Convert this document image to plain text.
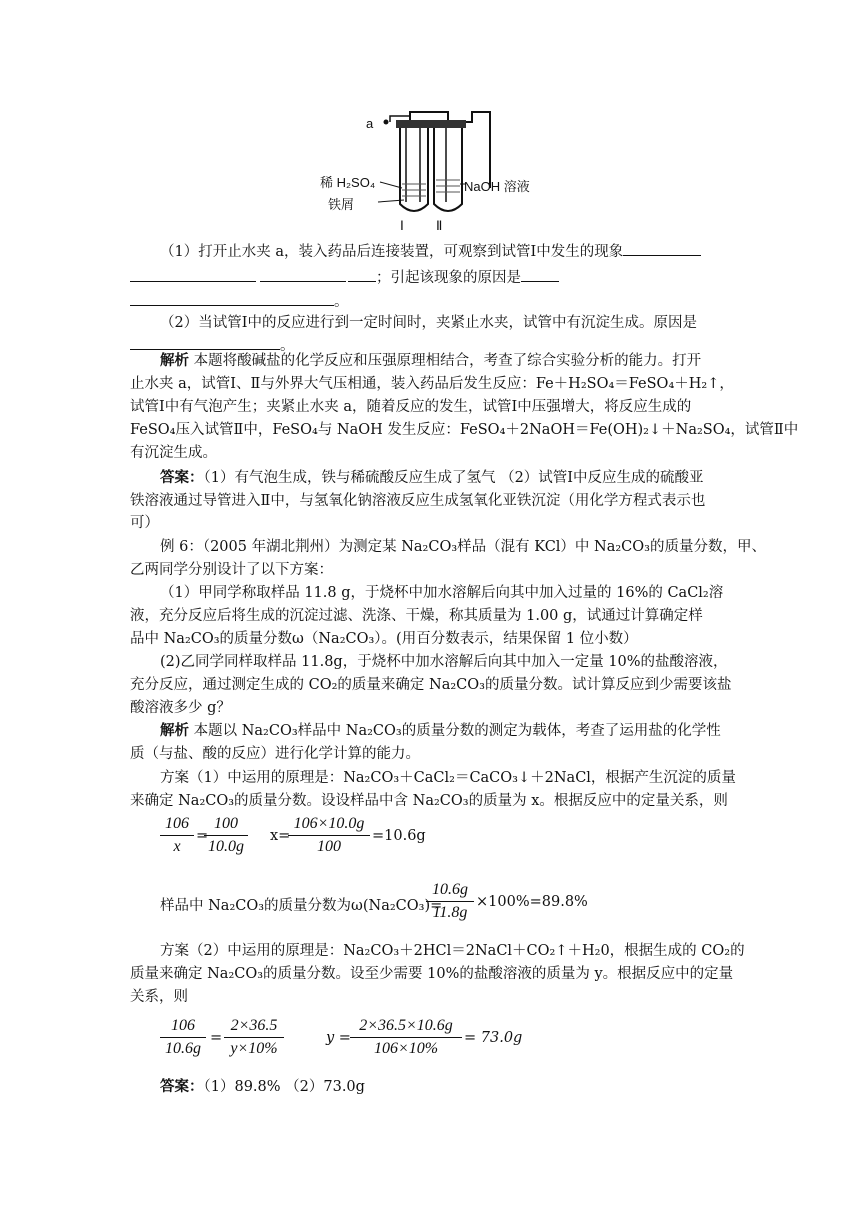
a
稀 H₂SO₄	NaOH 溶液
铁屑
Ⅰ Ⅱ
（1）打开止水夹 a，装入药品后连接装置，可观察到试管Ⅰ中发生的现象
；引起该现象的原因是
。
（2）当试管Ⅰ中的反应进行到一定时间时，夹紧止水夹，试管中有沉淀生成。原因是
。
解析 本题将酸碱盐的化学反应和压强原理相结合，考查了综合实验分析的能力。打开
止水夹 a，试管Ⅰ、Ⅱ与外界大气压相通，装入药品后发生反应：Fe＋H₂SO₄＝FeSO₄＋H₂↑，
试管Ⅰ中有气泡产生；夹紧止水夹 a，随着反应的发生，试管Ⅰ中压强增大，将反应生成的
FeSO₄压入试管Ⅱ中，FeSO₄与 NaOH 发生反应：FeSO₄＋2NaOH＝Fe(OH)₂↓＋Na₂SO₄，试管Ⅱ中
有沉淀生成。
答案：（1）有气泡生成，铁与稀硫酸反应生成了氢气 （2）试管Ⅰ中反应生成的硫酸亚
铁溶液通过导管进入Ⅱ中，与氢氧化钠溶液反应生成氢氧化亚铁沉淀（用化学方程式表示也
可）
例 6：（2005 年湖北荆州）为测定某 Na₂CO₃样品（混有 KCl）中 Na₂CO₃的质量分数，甲、
乙两同学分别设计了以下方案：
（1）甲同学称取样品 11.8 g，于烧杯中加水溶解后向其中加入过量的 16%的 CaCl₂溶
液，充分反应后将生成的沉淀过滤、洗涤、干燥，称其质量为 1.00 g，试通过计算确定样
品中 Na₂CO₃的质量分数ω（Na₂CO₃）。(用百分数表示，结果保留 1 位小数）
(2)乙同学同样取样品 11.8g，于烧杯中加水溶解后向其中加入一定量 10%的盐酸溶液，
充分反应，通过测定生成的 CO₂的质量来确定 Na₂CO₃的质量分数。试计算反应到少需要该盐
酸溶液多少 g？
解析 本题以 Na₂CO₃样品中 Na₂CO₃的质量分数的测定为载体，考查了运用盐的化学性
质（与盐、酸的反应）进行化学计算的能力。
方案（1）中运用的原理是：Na₂CO₃＋CaCl₂＝CaCO₃↓＋2NaCl，根据产生沉淀的质量
来确定 Na₂CO₃的质量分数。设设样品中含 Na₂CO₃的质量为 x。根据反应中的定量关系，则
106
x
=
100
10.0g
x=
106×10.0g
100
=10.6g
样品中 Na₂CO₃的质量分数为ω(Na₂CO₃)=
10.6g
11.8g
×100%=89.8%
方案（2）中运用的原理是：Na₂CO₃＋2HCl＝2NaCl＋CO₂↑＋H₂0，根据生成的 CO₂的
质量来确定 Na₂CO₃的质量分数。设至少需要 10%的盐酸溶液的质量为 y。根据反应中的定量
关系，则
106
10.6g
=
2×36.5
y×10%
y =
2×36.5×10.6g
106×10%
= 73.0g
答案：（1）89.8% （2）73.0g
